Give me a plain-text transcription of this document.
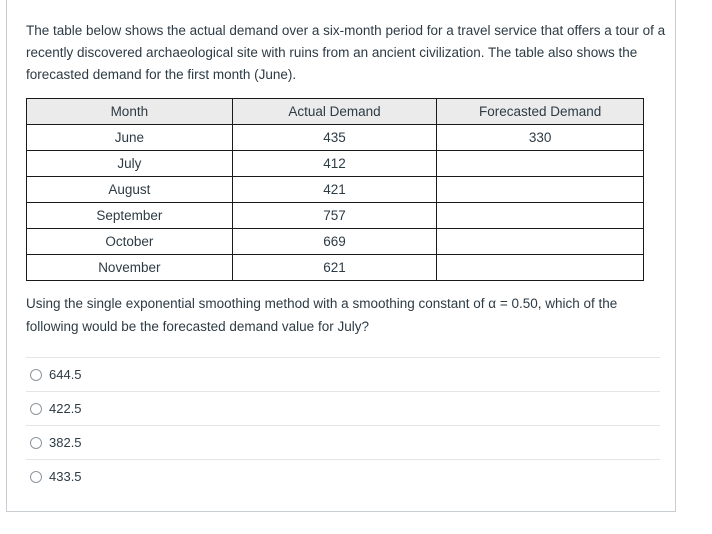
The table below shows the actual demand over a six-month period for a travel service that offers a tour of a recently discovered archaeological site with ruins from an ancient civilization. The table also shows the forecasted demand for the first month (June).

Month	Actual Demand	Forecasted Demand
June	435	330
July	412	
August	421	
September	757	
October	669	
November	621	

Using the single exponential smoothing method with a smoothing constant of α = 0.50, which of the following would be the forecasted demand value for July?

644.5
422.5
382.5
433.5
